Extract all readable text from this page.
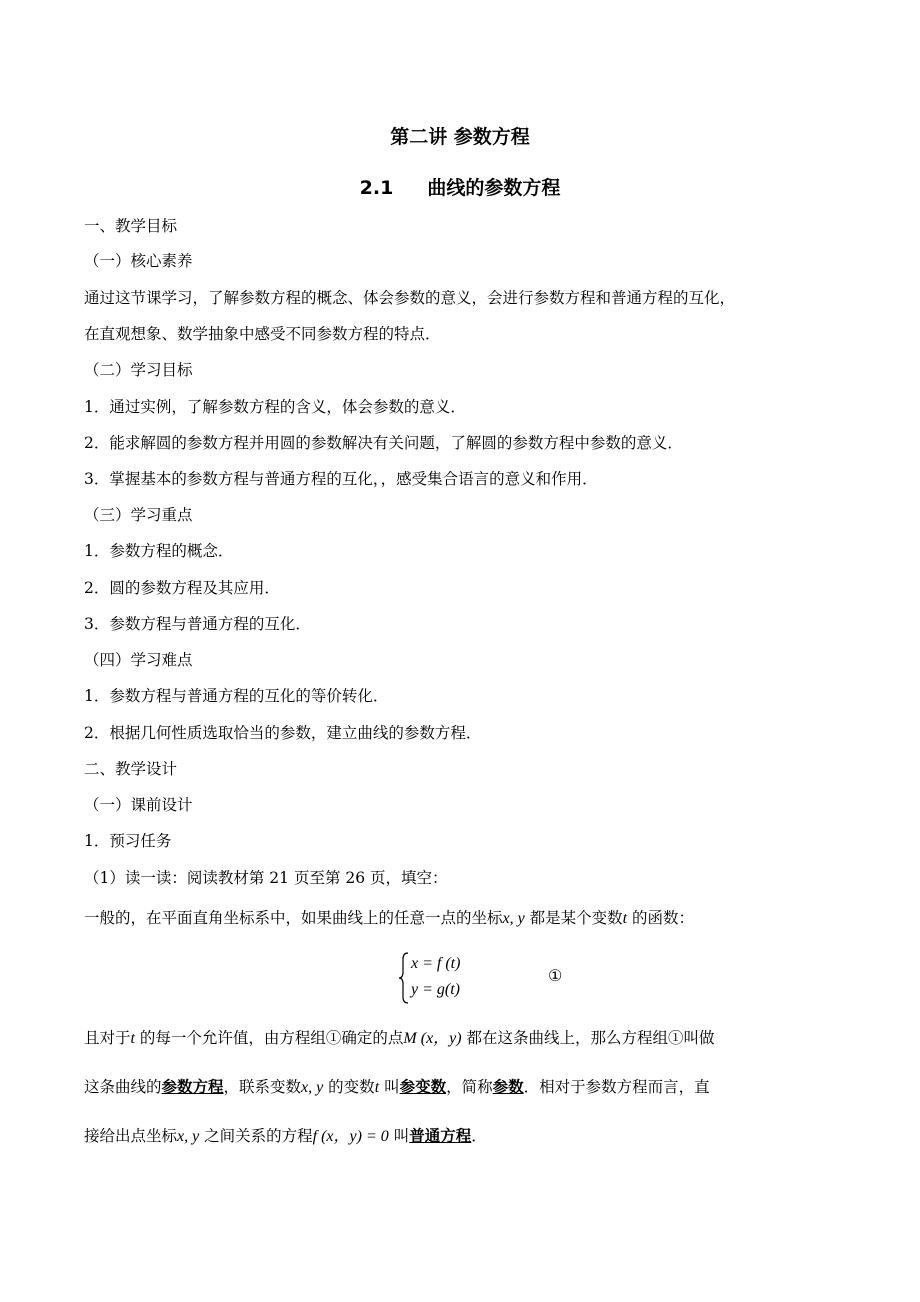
第二讲 参数方程
2.1 曲线的参数方程
一、教学目标
（一）核心素养
通过这节课学习，了解参数方程的概念、体会参数的意义，会进行参数方程和普通方程的互化，
在直观想象、数学抽象中感受不同参数方程的特点．
（二）学习目标
1．通过实例，了解参数方程的含义，体会参数的意义．
2．能求解圆的参数方程并用圆的参数解决有关问题，了解圆的参数方程中参数的意义．
3．掌握基本的参数方程与普通方程的互化，，感受集合语言的意义和作用．
（三）学习重点
1．参数方程的概念．
2．圆的参数方程及其应用．
3．参数方程与普通方程的互化．
（四）学习难点
1．参数方程与普通方程的互化的等价转化．
2．根据几何性质选取恰当的参数，建立曲线的参数方程．
二、教学设计
（一）课前设计
1．预习任务
（1）读一读：阅读教材第 21 页至第 26 页，填空：
一般的，在平面直角坐标系中，如果曲线上的任意一点的坐标x, y 都是某个变数t 的函数：
x = f (t)
y = g(t)
①
且对于t 的每一个允许值，由方程组①确定的点M (x，y) 都在这条曲线上，那么方程组①叫做
这条曲线的参数方程，联系变数x, y 的变数t 叫参变数，简称参数．相对于参数方程而言，直
接给出点坐标x, y 之间关系的方程f (x，y) = 0 叫普通方程．
